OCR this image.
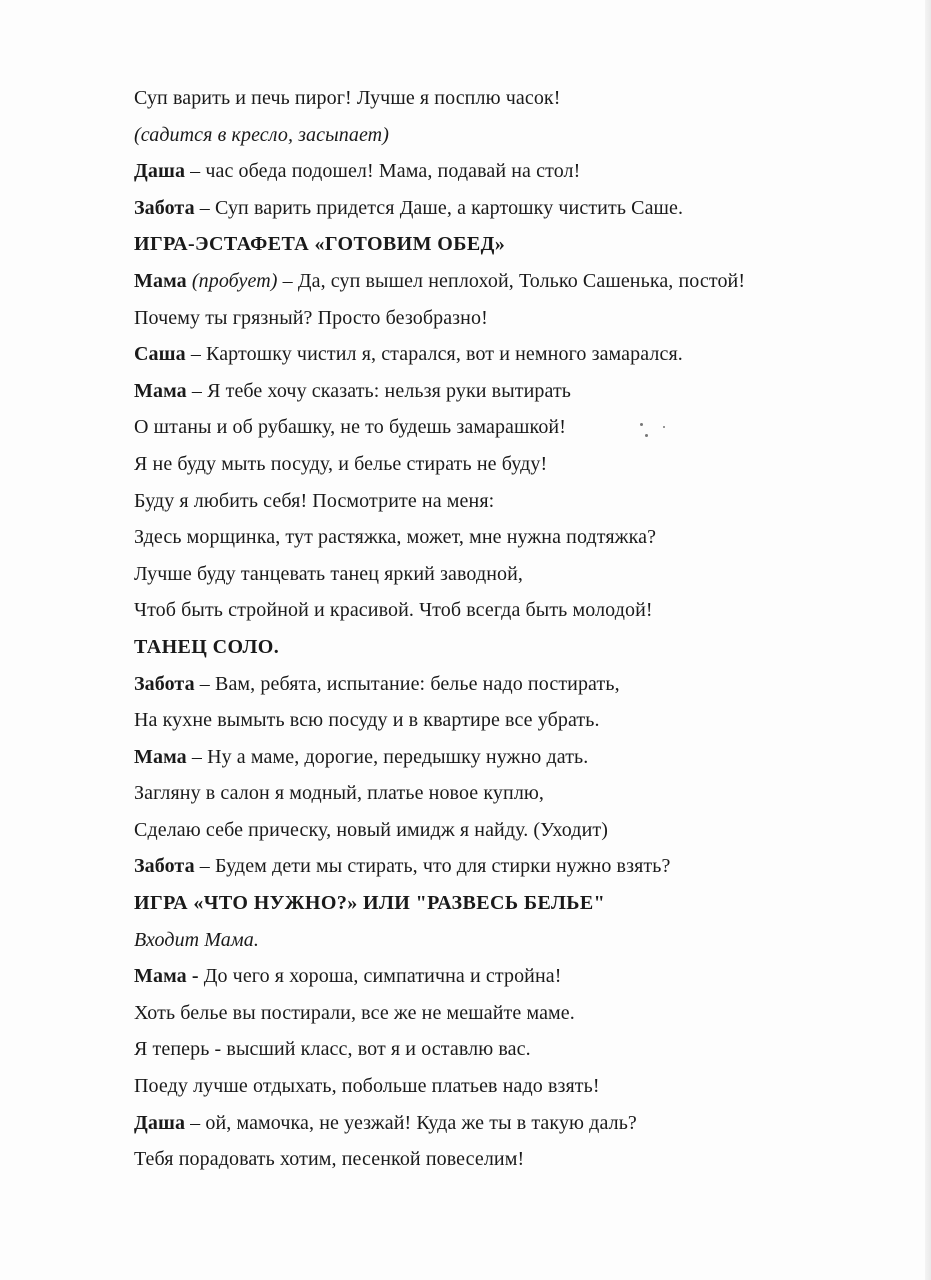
Суп варить и печь пирог! Лучше я посплю часок!
(садится в кресло, засыпает)
Даша – час обеда подошел! Мама, подавай на стол!
Забота – Суп варить придется Даше, а картошку чистить Саше.
ИГРА-ЭСТАФЕТА «ГОТОВИМ ОБЕД»
Мама (пробует) – Да, суп вышел неплохой, Только Сашенька, постой!
Почему ты грязный? Просто безобразно!
Саша – Картошку чистил я, старался, вот и немного замарался.
Мама – Я тебе хочу сказать: нельзя руки вытирать
О штаны и об рубашку, не то будешь замарашкой!
Я не буду мыть посуду, и белье стирать не буду!
Буду я любить себя! Посмотрите на меня:
Здесь морщинка, тут растяжка, может, мне нужна подтяжка?
Лучше буду танцевать танец яркий заводной,
Чтоб быть стройной и красивой. Чтоб всегда быть молодой!
ТАНЕЦ СОЛО.
Забота – Вам, ребята, испытание: белье надо постирать,
На кухне вымыть всю посуду и в квартире все убрать.
Мама – Ну а маме, дорогие, передышку нужно дать.
Загляну в салон я модный, платье новое куплю,
Сделаю себе прическу, новый имидж я найду. (Уходит)
Забота – Будем дети мы стирать, что для стирки нужно взять?
ИГРА «ЧТО НУЖНО?» ИЛИ "РАЗВЕСЬ БЕЛЬЕ"
Входит Мама.
Мама - До чего я хороша, симпатична и стройна!
Хоть белье вы постирали, все же не мешайте маме.
Я теперь - высший класс, вот я и оставлю вас.
Поеду лучше отдыхать, побольше платьев надо взять!
Даша – ой, мамочка, не уезжай! Куда же ты в такую даль?
Тебя порадовать хотим, песенкой повеселим!
